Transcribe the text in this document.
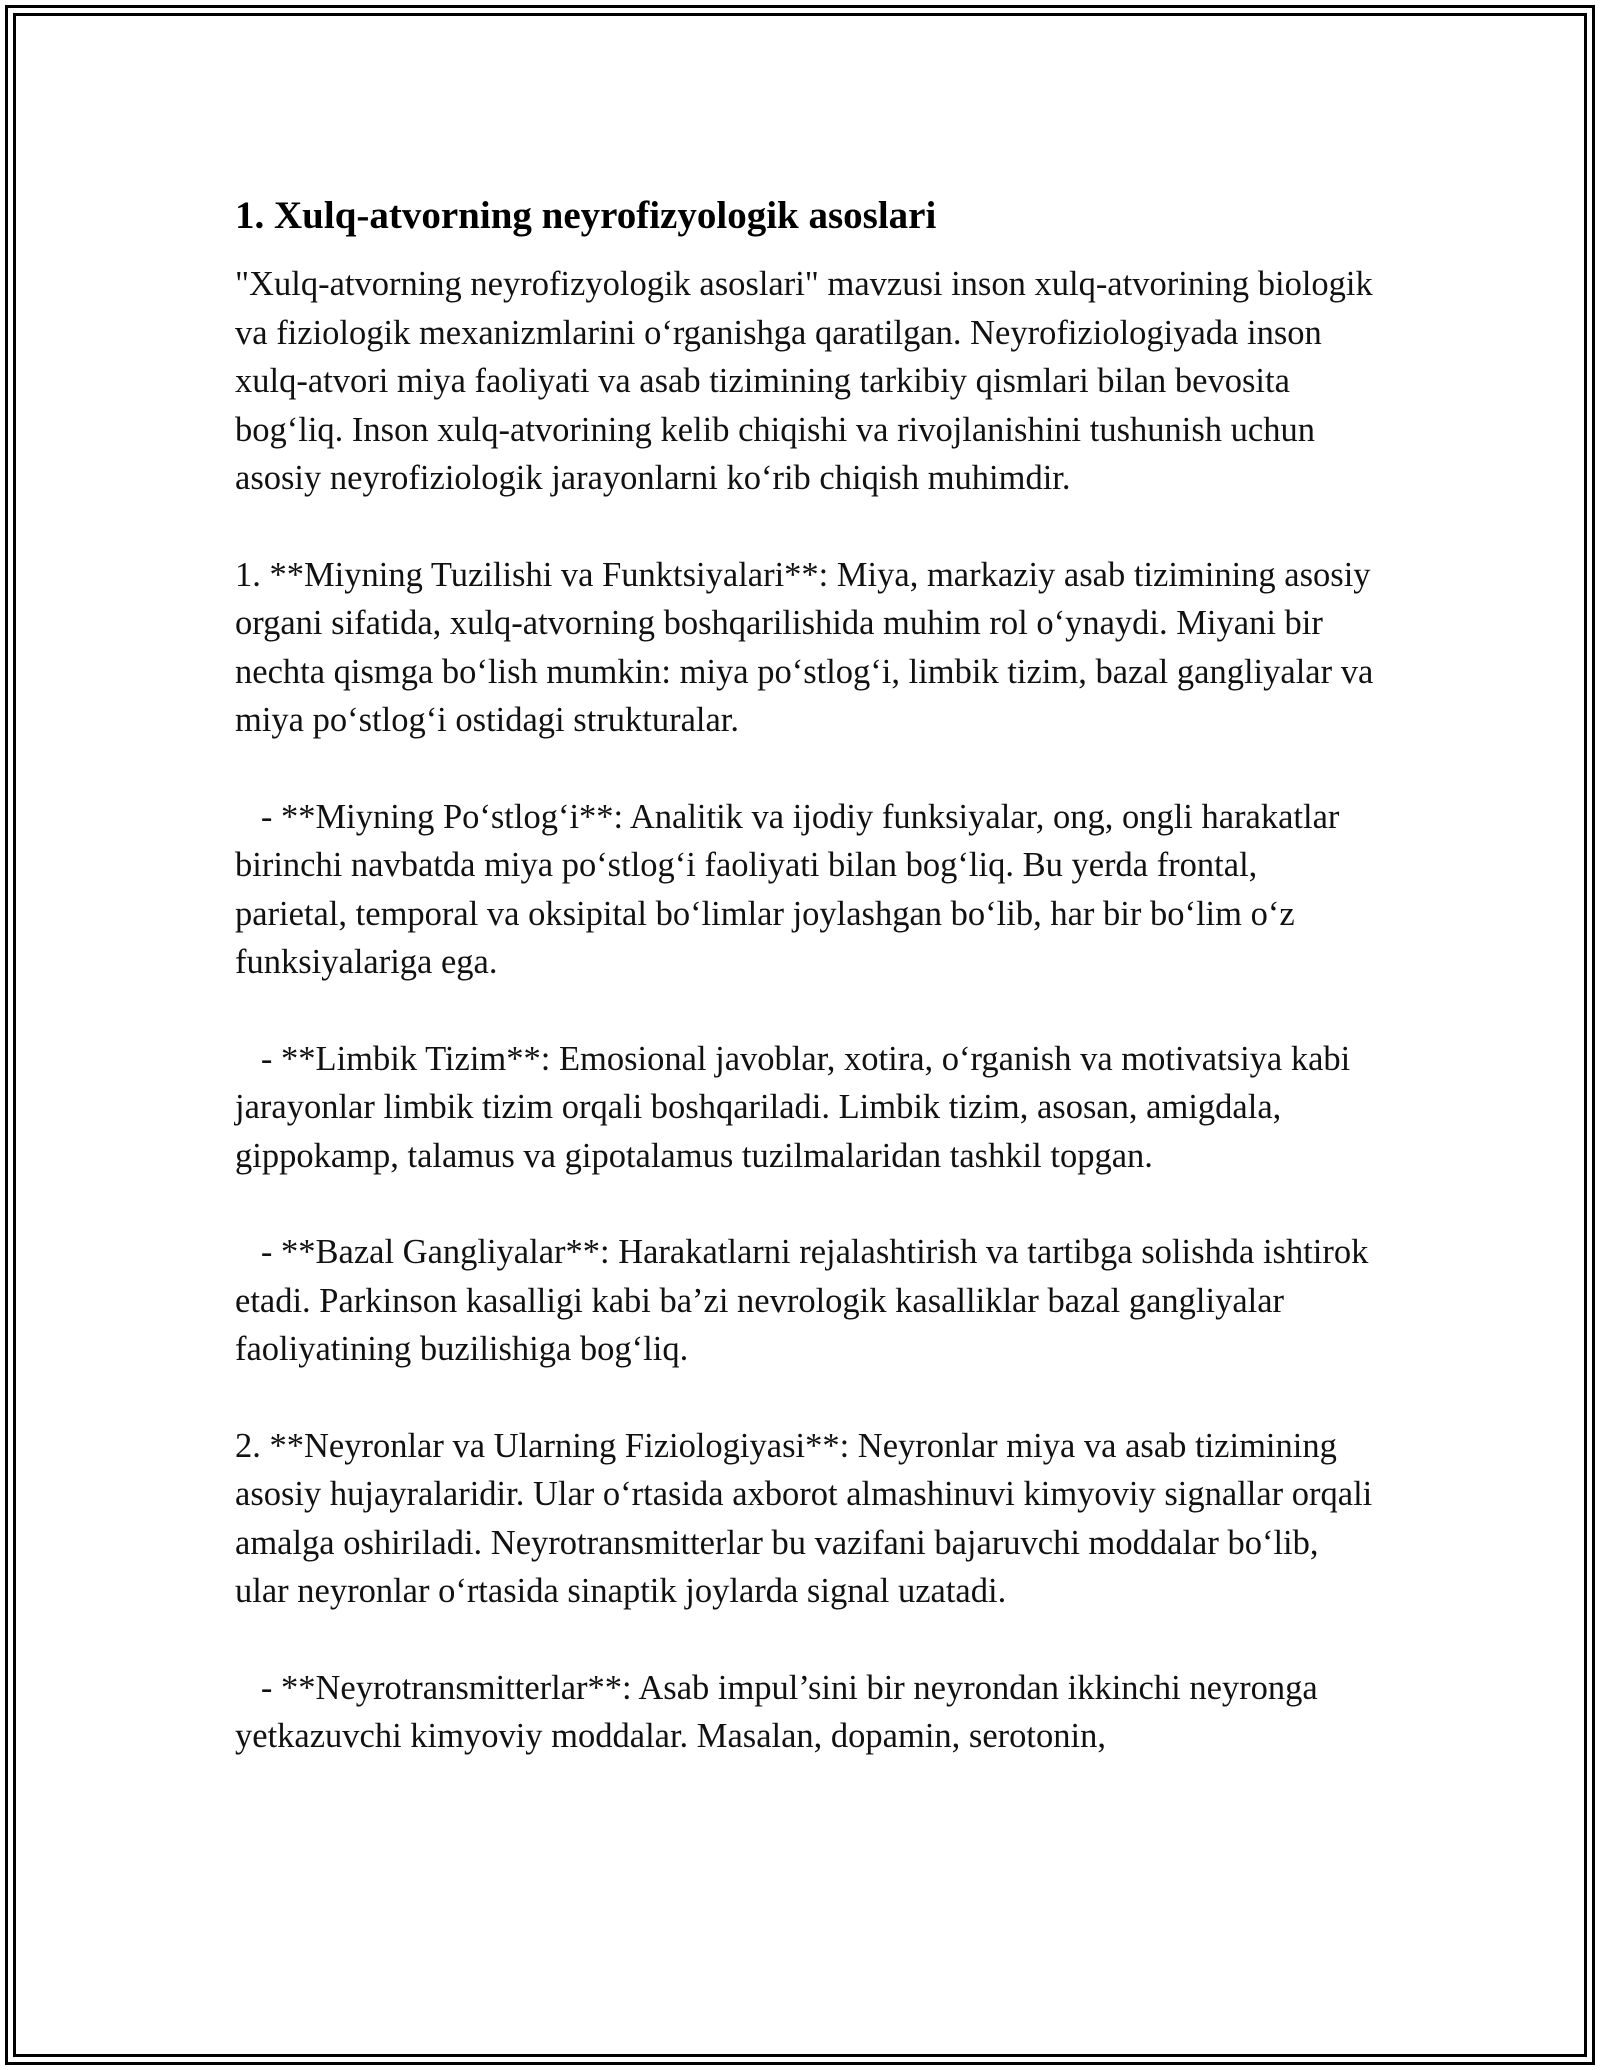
1. Xulq-atvorning neyrofizyologik asoslari

"Xulq-atvorning neyrofizyologik asoslari" mavzusi inson xulq-atvorining biologik va fiziologik mexanizmlarini o‘rganishga qaratilgan. Neyrofiziologiyada inson xulq-atvori miya faoliyati va asab tizimining tarkibiy qismlari bilan bevosita bog‘liq. Inson xulq-atvorining kelib chiqishi va rivojlanishini tushunish uchun asosiy neyrofiziologik jarayonlarni ko‘rib chiqish muhimdir.

1. **Miyning Tuzilishi va Funktsiyalari**: Miya, markaziy asab tizimining asosiy organi sifatida, xulq-atvorning boshqarilishida muhim rol o‘ynaydi. Miyani bir nechta qismga bo‘lish mumkin: miya po‘stlog‘i, limbik tizim, bazal gangliyalar va miya po‘stlog‘i ostidagi strukturalar.

- **Miyning Po‘stlog‘i**: Analitik va ijodiy funksiyalar, ong, ongli harakatlar birinchi navbatda miya po‘stlog‘i faoliyati bilan bog‘liq. Bu yerda frontal, parietal, temporal va oksipital bo‘limlar joylashgan bo‘lib, har bir bo‘lim o‘z funksiyalariga ega.

- **Limbik Tizim**: Emosional javoblar, xotira, o‘rganish va motivatsiya kabi jarayonlar limbik tizim orqali boshqariladi. Limbik tizim, asosan, amigdala, gippokamp, talamus va gipotalamus tuzilmalaridan tashkil topgan.

- **Bazal Gangliyalar**: Harakatlarni rejalashtirish va tartibga solishda ishtirok etadi. Parkinson kasalligi kabi ba’zi nevrologik kasalliklar bazal gangliyalar faoliyatining buzilishiga bog‘liq.

2. **Neyronlar va Ularning Fiziologiyasi**: Neyronlar miya va asab tizimining asosiy hujayralaridir. Ular o‘rtasida axborot almashinuvi kimyoviy signallar orqali amalga oshiriladi. Neyrotransmitterlar bu vazifani bajaruvchi moddalar bo‘lib, ular neyronlar o‘rtasida sinaptik joylarda signal uzatadi.

- **Neyrotransmitterlar**: Asab impul’sini bir neyrondan ikkinchi neyronga yetkazuvchi kimyoviy moddalar. Masalan, dopamin, serotonin,
